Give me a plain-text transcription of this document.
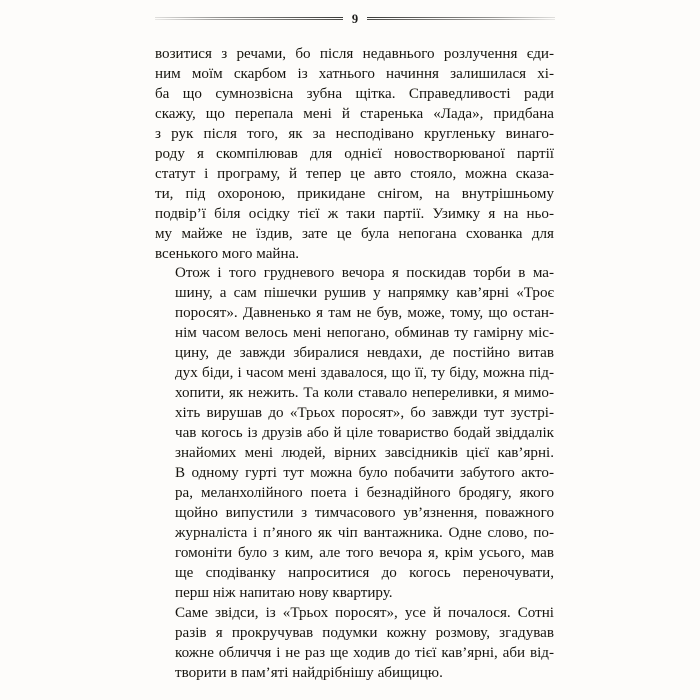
9

возитися з речами, бо після недавнього розлучення єди-
ним моїм скарбом із хатнього начиння залишилася хі-
ба що сумнозвісна зубна щітка. Справедливості ради
скажу, що перепала мені й старенька «Лада», придбана
з рук після того, як за несподівано кругленьку винаго-
роду я скомпілював для однієї новостворюваної партії
статут і програму, й тепер це авто стояло, можна сказа-
ти, під охороною, прикидане снігом, на внутрішньому
подвір’ї біля осідку тієї ж таки партії. Узимку я на ньо-
му майже не їздив, зате це була непогана схованка для
всенького мого майна.

Отож і того грудневого вечора я поскидав торби в ма-
шину, а сам пішечки рушив у напрямку кав’ярні «Троє
поросят». Давненько я там не був, може, тому, що остан-
нім часом велось мені непогано, обминав ту гамірну міс-
цину, де завжди збиралися невдахи, де постійно витав
дух біди, і часом мені здавалося, що її, ту біду, можна під-
хопити, як нежить. Та коли ставало непереливки, я мимо-
хіть вирушав до «Трьох поросят», бо завжди тут зустрі-
чав когось із друзів або й ціле товариство бодай звіддалік
знайомих мені людей, вірних завсідників цієї кав’ярні.
В одному гурті тут можна було побачити забутого акто-
ра, меланхолійного поета і безнадійного бродягу, якого
щойно випустили з тимчасового ув’язнення, поважного
журналіста і п’яного як чіп вантажника. Одне слово, по-
гомоніти було з ким, але того вечора я, крім усього, мав
ще сподіванку напроситися до когось переночувати,
перш ніж напитаю нову квартиру.

Саме звідси, із «Трьох поросят», усе й почалося. Сотні
разів я прокручував подумки кожну розмову, згадував
кожне обличчя і не раз ще ходив до тієї кав’ярні, аби від-
творити в пам’яті найдрібнішу абищицю.
